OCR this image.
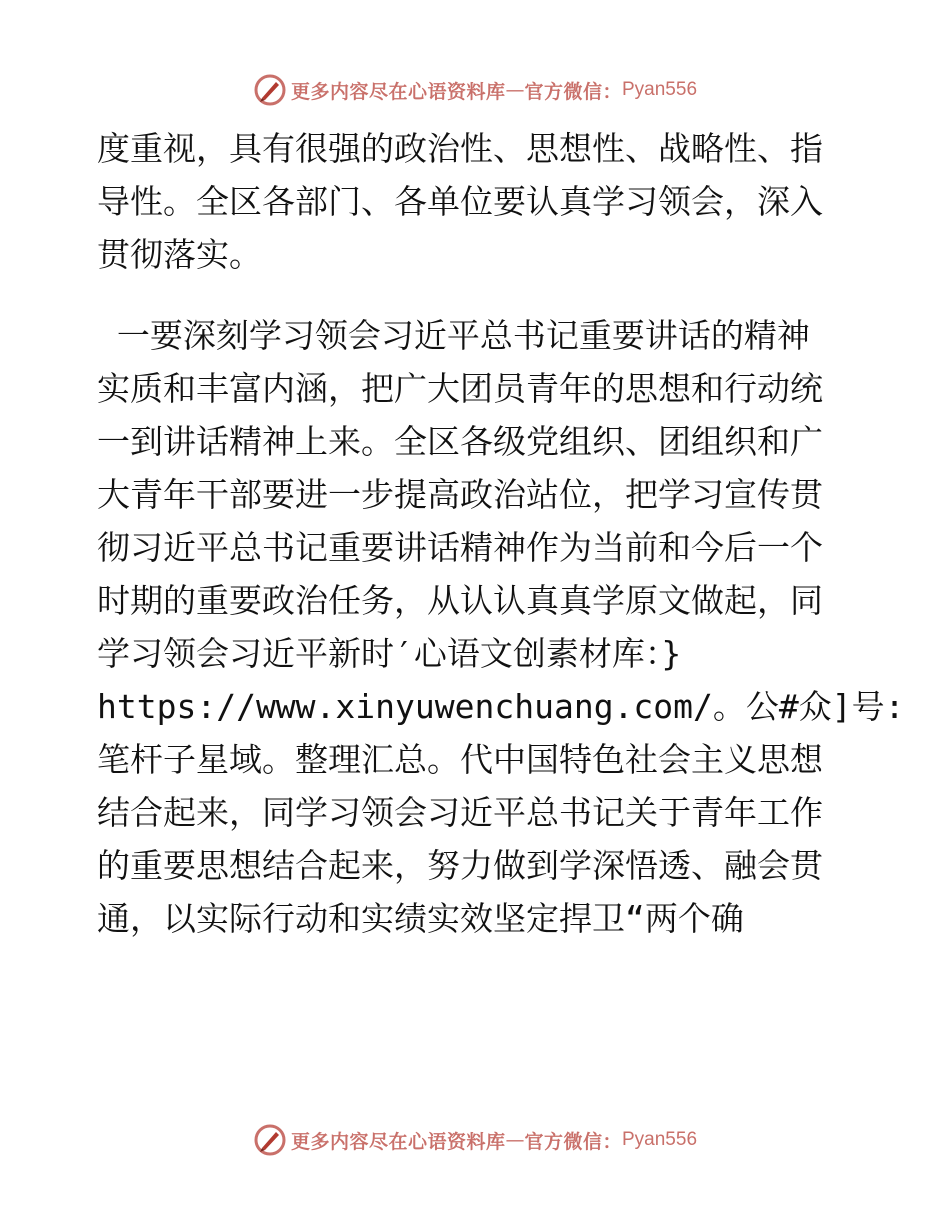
更多内容尽在心语资料库 — 官方微信： Pyan556
度重视，具有很强的政治性、思想性、战略性、指
导性。全区各部门、各单位要认真学习领会，深入
贯彻落实。
一要深刻学习领会习近平总书记重要讲话的精神
实质和丰富内涵，把广大团员青年的思想和行动统
一到讲话精神上来。全区各级党组织、团组织和广
大青年干部要进一步提高政治站位，把学习宣传贯
彻习近平总书记重要讲话精神作为当前和今后一个
时期的重要政治任务，从认认真真学原文做起，同
学习领会习近平新时′心语文创素材库：}
https://www.xinyuwenchuang.com/。公#众]号:
笔杆子星域。整理汇总。代中国特色社会主义思想
结合起来，同学习领会习近平总书记关于青年工作
的重要思想结合起来，努力做到学深悟透、融会贯
通，以实际行动和实绩实效坚定捍卫“两个确
更多内容尽在心语资料库 — 官方微信： Pyan556
